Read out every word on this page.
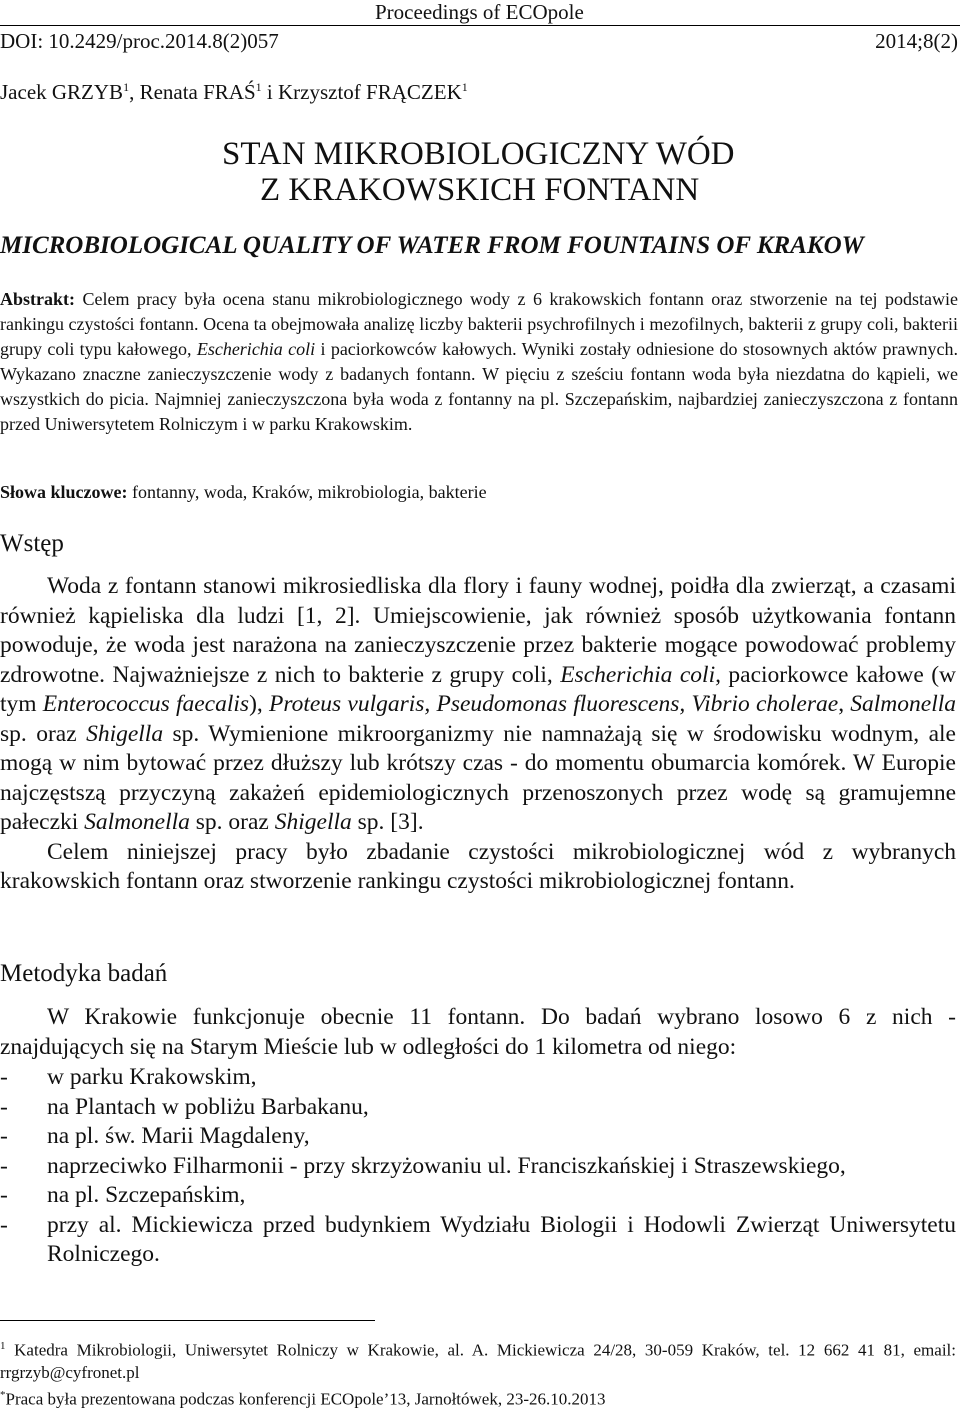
Proceedings of ECOpole
DOI: 10.2429/proc.2014.8(2)057	2014;8(2)
Jacek GRZYB$^1$, Renata FRAŚ$^1$ i Krzysztof FRĄCZEK$^1$
STAN MIKROBIOLOGICZNY WÓD
Z KRAKOWSKICH FONTANN
MICROBIOLOGICAL QUALITY OF WATER FROM FOUNTAINS OF KRAKOW

Abstrakt: Celem pracy była ocena stanu mikrobiologicznego wody z 6 krakowskich fontann oraz stworzenie na tej podstawie rankingu czystości fontann. Ocena ta obejmowała analizę liczby bakterii psychrofilnych i mezofilnych, bakterii z grupy coli, bakterii grupy coli typu kałowego, Escherichia coli i paciorkowców kałowych. Wyniki zostały odniesione do stosownych aktów prawnych. Wykazano znaczne zanieczyszczenie wody z badanych fontann. W pięciu z sześciu fontann woda była niezdatna do kąpieli, we wszystkich do picia. Najmniej zanieczyszczona była woda z fontanny na pl. Szczepańskim, najbardziej zanieczyszczona z fontann przed Uniwersytetem Rolniczym i w parku Krakowskim.

Słowa kluczowe: fontanny, woda, Kraków, mikrobiologia, bakterie
Wstęp

Woda z fontann stanowi mikrosiedliska dla flory i fauny wodnej, poidła dla zwierząt, a czasami również kąpieliska dla ludzi [1, 2]. Umiejscowienie, jak również sposób użytkowania fontann powoduje, że woda jest narażona na zanieczyszczenie przez bakterie mogące powodować problemy zdrowotne. Najważniejsze z nich to bakterie z grupy coli, Escherichia coli, paciorkowce kałowe (w tym Enterococcus faecalis), Proteus vulgaris, Pseudomonas fluorescens, Vibrio cholerae, Salmonella sp. oraz Shigella sp. Wymienione mikroorganizmy nie namnażają się w środowisku wodnym, ale mogą w nim bytować przez dłuższy lub krótszy czas - do momentu obumarcia komórek. W Europie najczęstszą przyczyną zakażeń epidemiologicznych przenoszonych przez wodę są gramujemne pałeczki Salmonella sp. oraz Shigella sp. [3].

Celem niniejszej pracy było zbadanie czystości mikrobiologicznej wód z wybranych krakowskich fontann oraz stworzenie rankingu czystości mikrobiologicznej fontann.

Metodyka badań

W Krakowie funkcjonuje obecnie 11 fontann. Do badań wybrano losowo 6 z nich - znajdujących się na Starym Mieście lub w odległości do 1 kilometra od niego:

- w parku Krakowskim,
- na Plantach w pobliżu Barbakanu,
- na pl. św. Marii Magdaleny,
- naprzeciwko Filharmonii - przy skrzyżowaniu ul. Franciszkańskiej i Straszewskiego,
- na pl. Szczepańskim,
- przy al. Mickiewicza przed budynkiem Wydziału Biologii i Hodowli Zwierząt Uniwersytetu Rolniczego.

$^1$ Katedra Mikrobiologii, Uniwersytet Rolniczy w Krakowie, al. A. Mickiewicza 24/28, 30-059 Kraków, tel. 12 662 41 81, email: rrgrzyb@cyfronet.pl

*Praca była prezentowana podczas konferencji ECOpole’13, Jarnołtówek, 23-26.10.2013
